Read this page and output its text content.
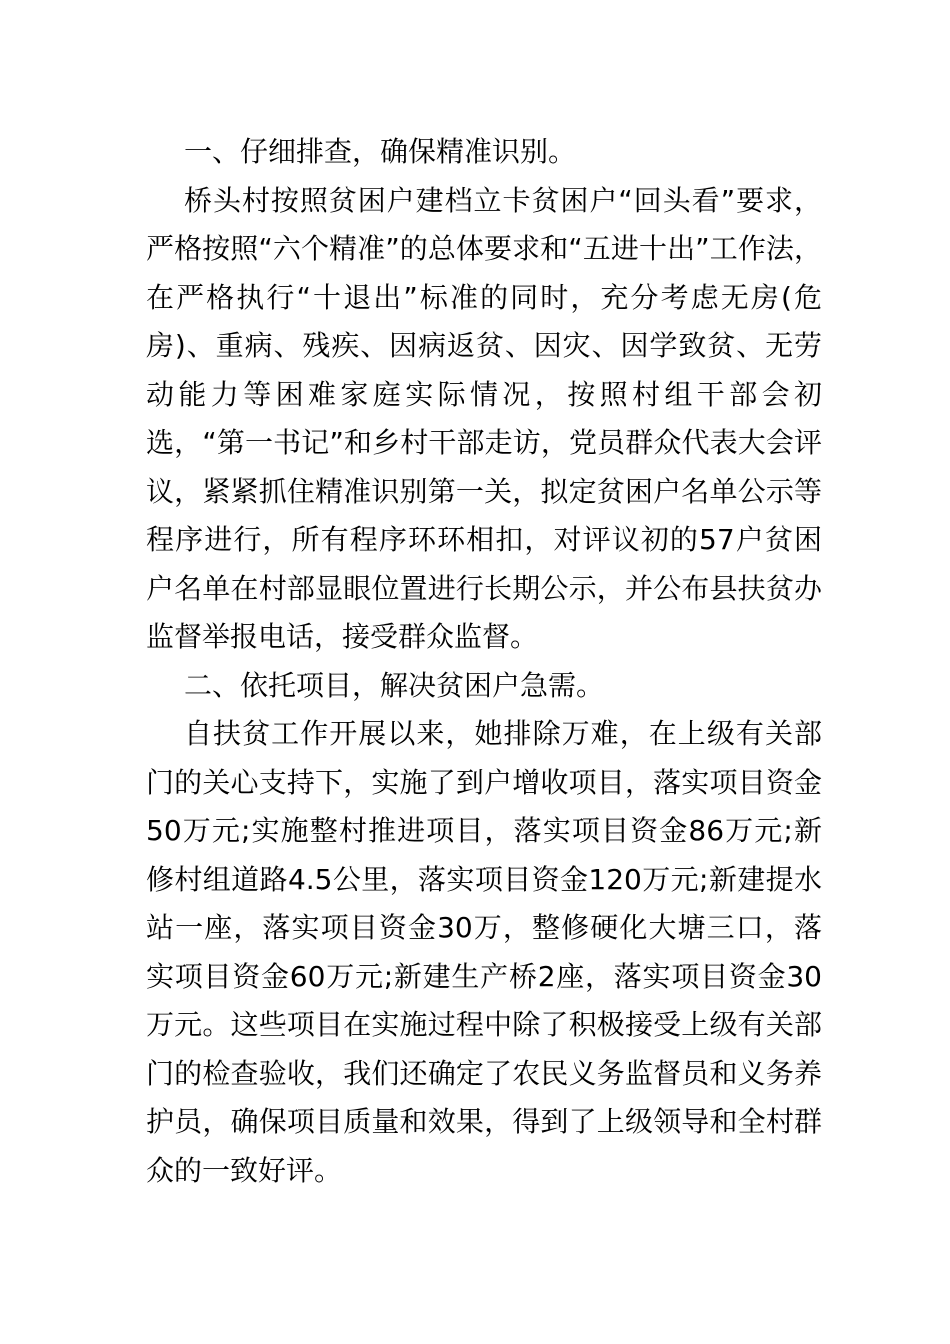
一、仔细排查，确保精准识别。

桥头村按照贫困户建档立卡贫困户“回头看”要求，严格按照“六个精准”的总体要求和“五进十出”工作法，在严格执行“十退出”标准的同时，充分考虑无房(危房)、重病、残疾、因病返贫、因灾、因学致贫、无劳动能力等困难家庭实际情况，按照村组干部会初选，“第一书记”和乡村干部走访，党员群众代表大会评议，紧紧抓住精准识别第一关，拟定贫困户名单公示等程序进行，所有程序环环相扣，对评议初的57户贫困户名单在村部显眼位置进行长期公示，并公布县扶贫办监督举报电话，接受群众监督。

二、依托项目，解决贫困户急需。

自扶贫工作开展以来，她排除万难，在上级有关部门的关心支持下，实施了到户增收项目，落实项目资金50万元;实施整村推进项目，落实项目资金86万元;新修村组道路4.5公里，落实项目资金120万元;新建提水站一座，落实项目资金30万，整修硬化大塘三口，落实项目资金60万元;新建生产桥2座，落实项目资金30万元。这些项目在实施过程中除了积极接受上级有关部门的检查验收，我们还确定了农民义务监督员和义务养护员，确保项目质量和效果，得到了上级领导和全村群众的一致好评。
